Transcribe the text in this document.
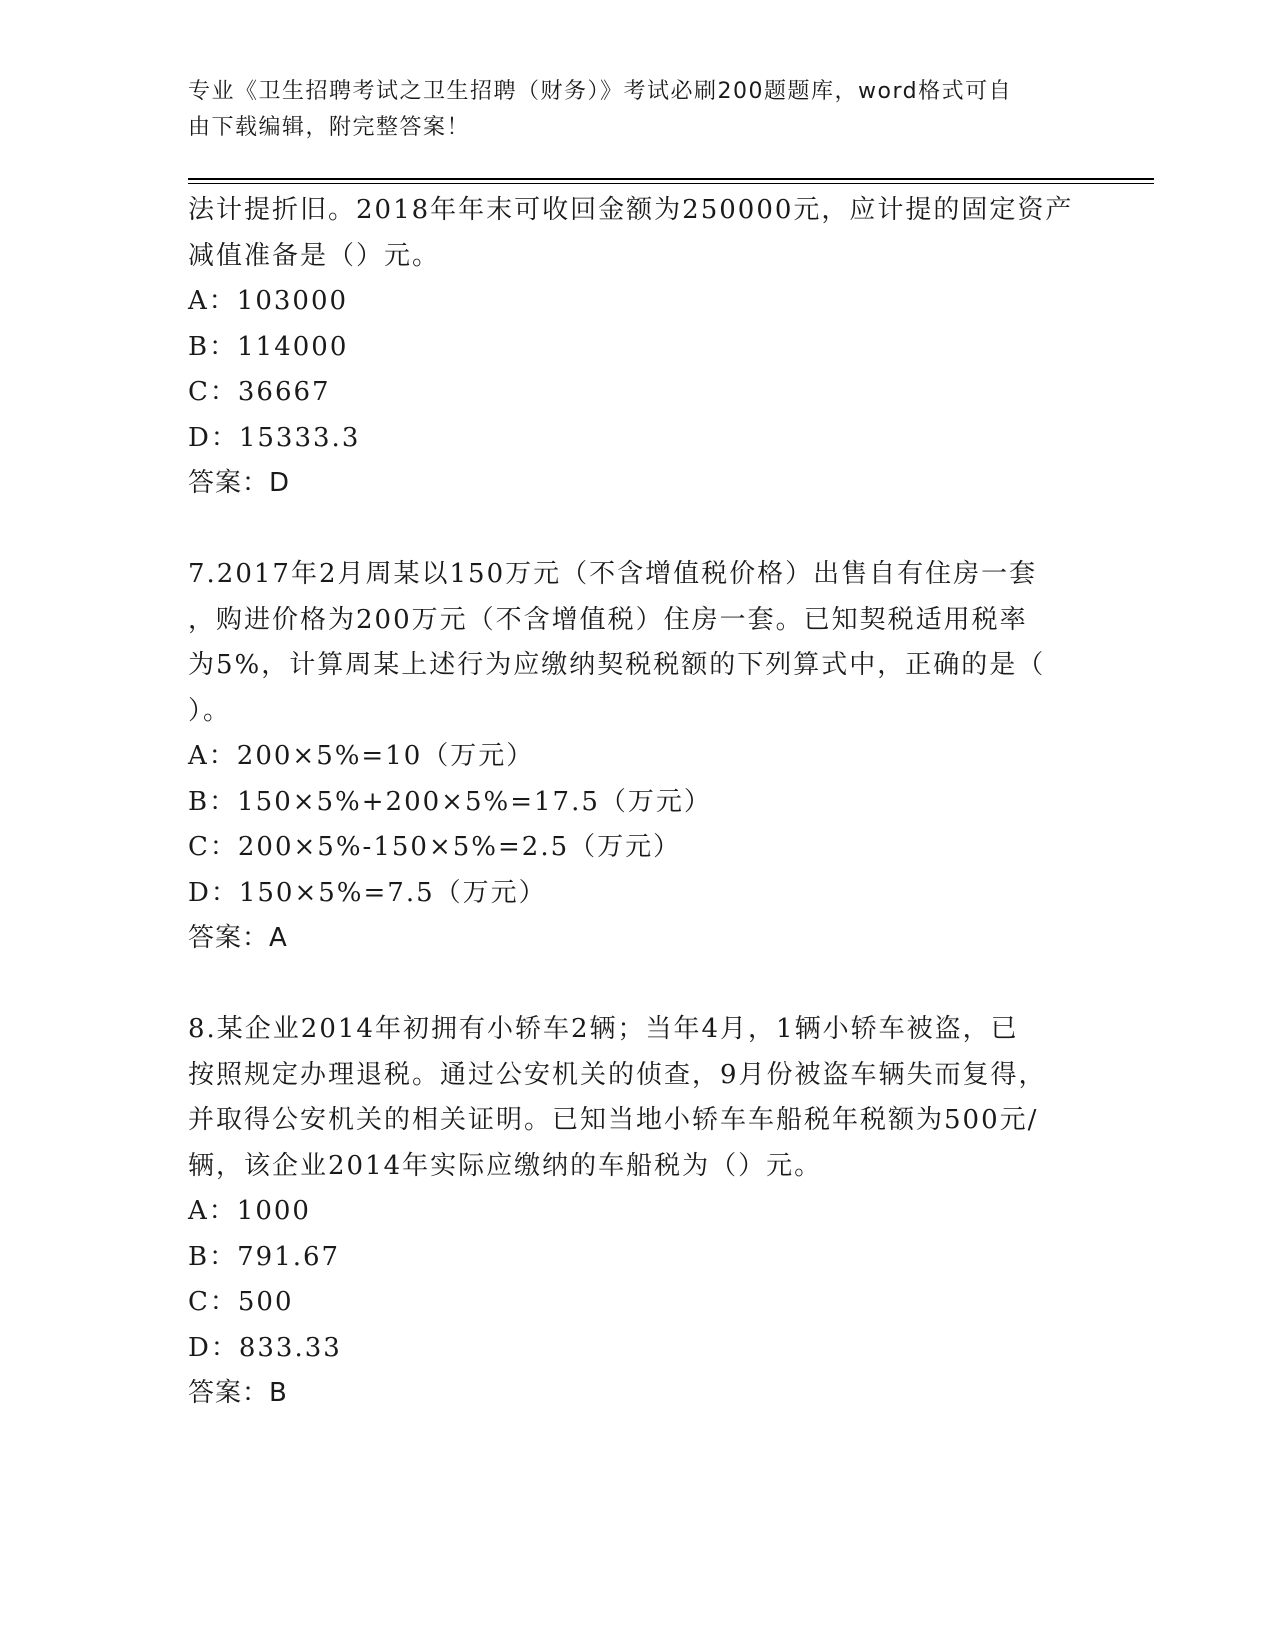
专业《卫生招聘考试之卫生招聘（财务）》考试必刷200题题库，word格式可自
由下载编辑，附完整答案！
法计提折旧。2018年年末可收回金额为250000元，应计提的固定资产
减值准备是（）元。
A：103000
B：114000
C：36667
D：15333.3
答案：D
7.2017年2月周某以150万元（不含增值税价格）出售自有住房一套
，购进价格为200万元（不含增值税）住房一套。已知契税适用税率
为5%，计算周某上述行为应缴纳契税税额的下列算式中，正确的是（
）。
A：200×5%=10（万元）
B：150×5%+200×5%=17.5（万元）
C：200×5%-150×5%=2.5（万元）
D：150×5%=7.5（万元）
答案：A
8.某企业2014年初拥有小轿车2辆；当年4月，1辆小轿车被盗，已
按照规定办理退税。通过公安机关的侦查，9月份被盗车辆失而复得，
并取得公安机关的相关证明。已知当地小轿车车船税年税额为500元/
辆，该企业2014年实际应缴纳的车船税为（）元。
A：1000
B：791.67
C：500
D：833.33
答案：B
